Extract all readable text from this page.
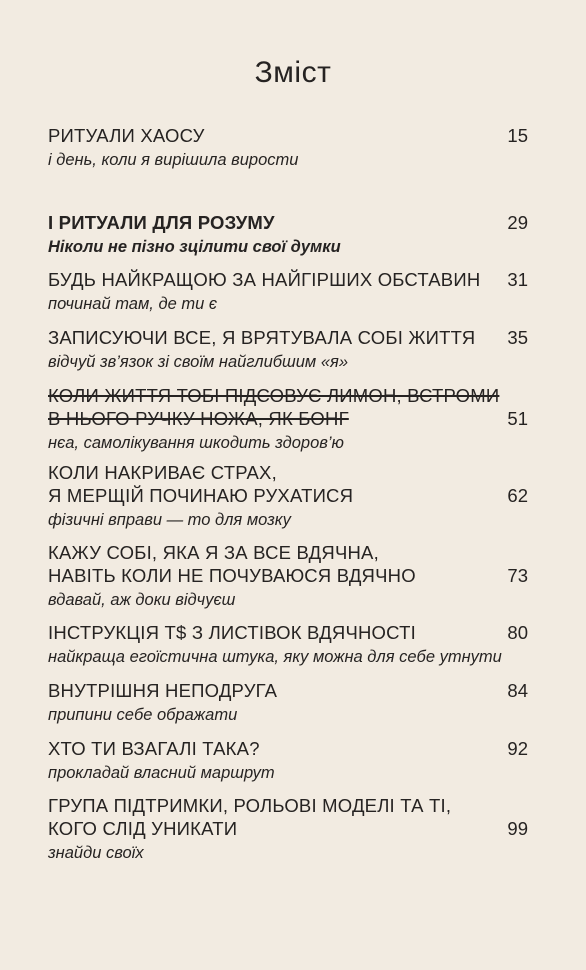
Зміст
РИТУАЛИ ХАОСУ
і день, коли я вирішила вирости
15
І РИТУАЛИ ДЛЯ РОЗУМУ
Ніколи не пізно зцілити свої думки
29
БУДЬ НАЙКРАЩОЮ ЗА НАЙГІРШИХ ОБСТАВИН
починай там, де ти є
31
ЗАПИСУЮЧИ ВСЕ, Я ВРЯТУВАЛА СОБІ ЖИТТЯ
відчуй зв’язок зі своїм найглибшим «я»
35
КОЛИ ЖИТТЯ ТОБІ ПІДСОВУЄ ЛИМОН, ВСТРОМИ
В НЬОГО РУЧКУ НОЖА, ЯК БОНГ
нєа, самолікування шкодить здоров’ю
51
КОЛИ НАКРИВАЄ СТРАХ,
Я МЕРЩІЙ ПОЧИНАЮ РУХАТИСЯ
фізичні вправи — то для мозку
62
КАЖУ СОБІ, ЯКА Я ЗА ВСЕ ВДЯЧНА,
НАВІТЬ КОЛИ НЕ ПОЧУВАЮСЯ ВДЯЧНО
вдавай, аж доки відчуєш
73
ІНСТРУКЦІЯ Т$ З ЛИСТІВОК ВДЯЧНОСТІ
найкраща егоїстична штука, яку можна для себе утнути
80
ВНУТРІШНЯ НЕПОДРУГА
припини себе ображати
84
ХТО ТИ ВЗАГАЛІ ТАКА?
прокладай власний маршрут
92
ГРУПА ПІДТРИМКИ, РОЛЬОВІ МОДЕЛІ ТА ТІ,
КОГО СЛІД УНИКАТИ
знайди своїх
99
